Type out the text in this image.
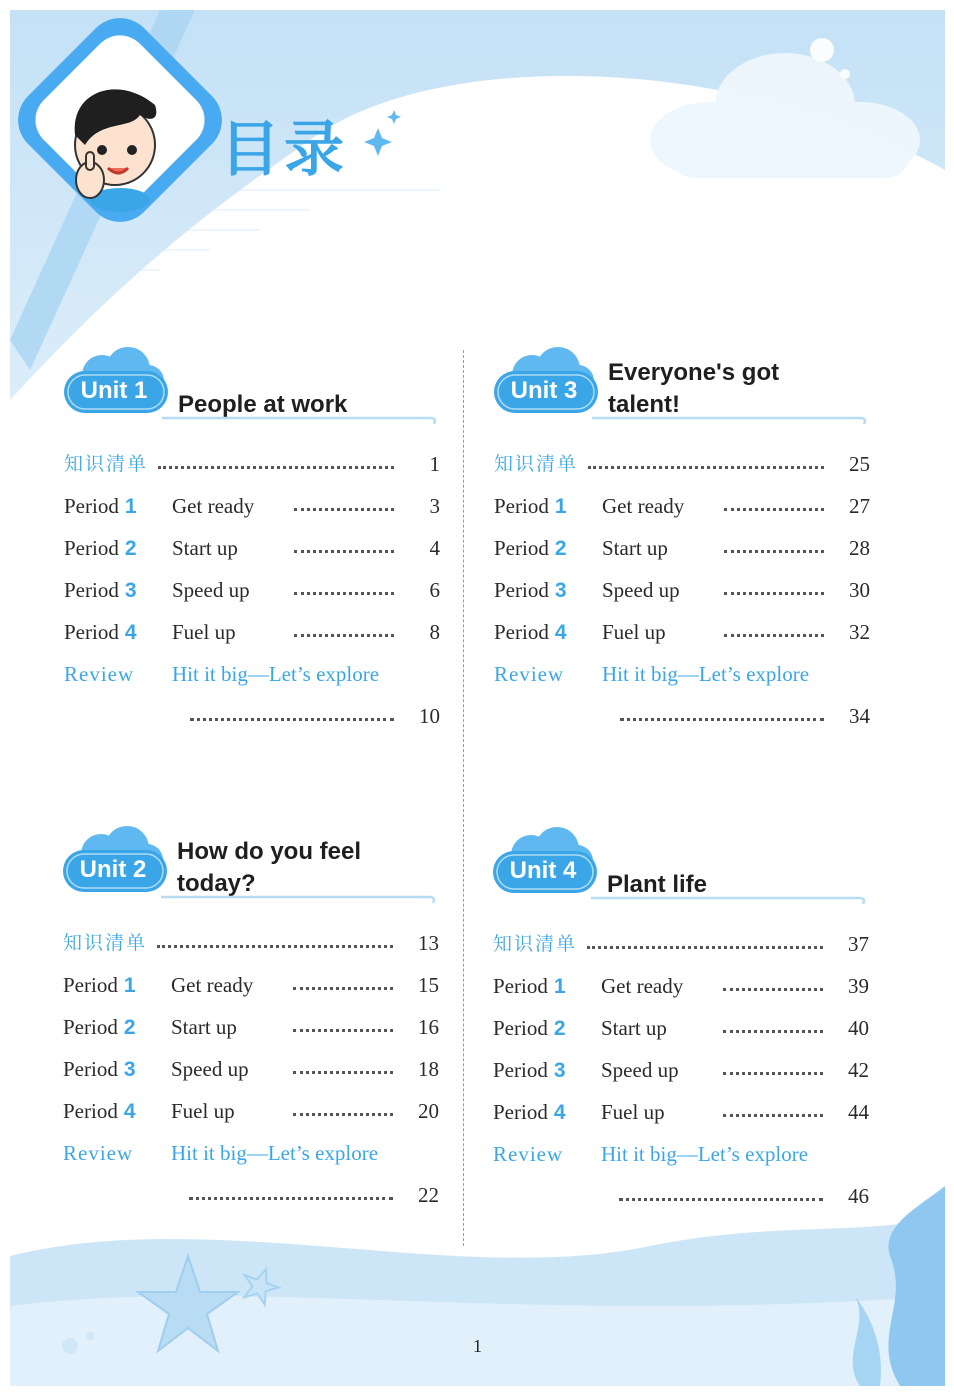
目录
Unit 1
People at work
知识清单	1
Period 1 Get ready	3
Period 2 Start up	4
Period 3 Speed up	6
Period 4 Fuel up	8
Review Hit it big—Let’s explore
10
Unit 3
Everyone's got
talent!
知识清单	25
Period 1 Get ready	27
Period 2 Start up	28
Period 3 Speed up	30
Period 4 Fuel up	32
Review Hit it big—Let’s explore
34
Unit 2
How do you feel
today?
知识清单	13
Period 1 Get ready	15
Period 2 Start up	16
Period 3 Speed up	18
Period 4 Fuel up	20
Review Hit it big—Let’s explore
22
Unit 4
Plant life
知识清单	37
Period 1 Get ready	39
Period 2 Start up	40
Period 3 Speed up	42
Period 4 Fuel up	44
Review Hit it big—Let’s explore
46
1
